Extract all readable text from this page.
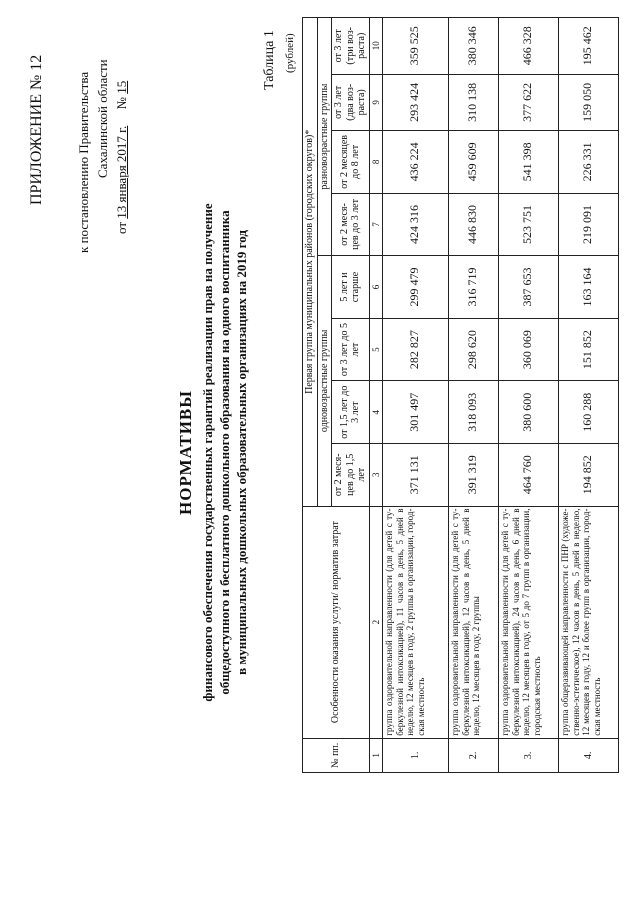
ПРИЛОЖЕНИЕ № 12 к постановлению Правительства Сахалинской области
от 13 января 2017 г.     № 15
НОРМАТИВЫ финансового обеспечения государственных гарантий реализации прав на получение общедоступного и бесплатного дошкольного образования на одного воспитанника в муниципальных дошкольных образовательных организациях на 2019 год
Таблица 1 (рублей)
№ пп.	Особенности оказания услуги/ норматив затрат	Первая группа муниципальных районов (городских округов)*							
		одновозрастные группы				разновозрастные группы			
		от 2 меся- цев до 1,5 лет	от 1,5 лет до 3 лет	от 3 лет до 5 лет	5 лет и старше	от 2 меся- цев до 3 лет	от 2 месяцев до 8 лет	от 3 лет (два воз- раста)	от 3 лет (три воз- раста)
1	2	3	4	5	6	7	8	9	10
1.	группа оздоровительной направленности (для детей с ту- беркулезной интоксикацией), 11 часов в день, 5 дней в неделю, 12 месяцев в году, 2 группы в организации, город- ская местность	371 131	301 497	282 827	299 479	424 316	436 224	293 424	359 525
2.	группа оздоровительной направленности (для детей с ту- беркулезной интоксикацией), 12 часов в день, 5 дней в неделю, 12 месяцев в году, 2 группы	391 319	318 093	298 620	316 719	446 830	459 609	310 138	380 346
3.	группа оздоровительной направленности (для детей с ту- беркулезной интоксикацией), 24 часов в день, 6 дней в неделю, 12 месяцев в году, от 5 до 7 групп в организации, городская местность	464 760	380 600	360 069	387 653	523 751	541 398	377 622	466 328
4.	группа общеразвивающей направленности с ПНР (художе- ственно-эстетическое), 12 часов в день, 5 дней в неделю, 12 месяцев в году, 12 и более групп в организации, город- ская местность	194 852	160 288	151 852	163 164	219 091	226 331	159 050	195 462
